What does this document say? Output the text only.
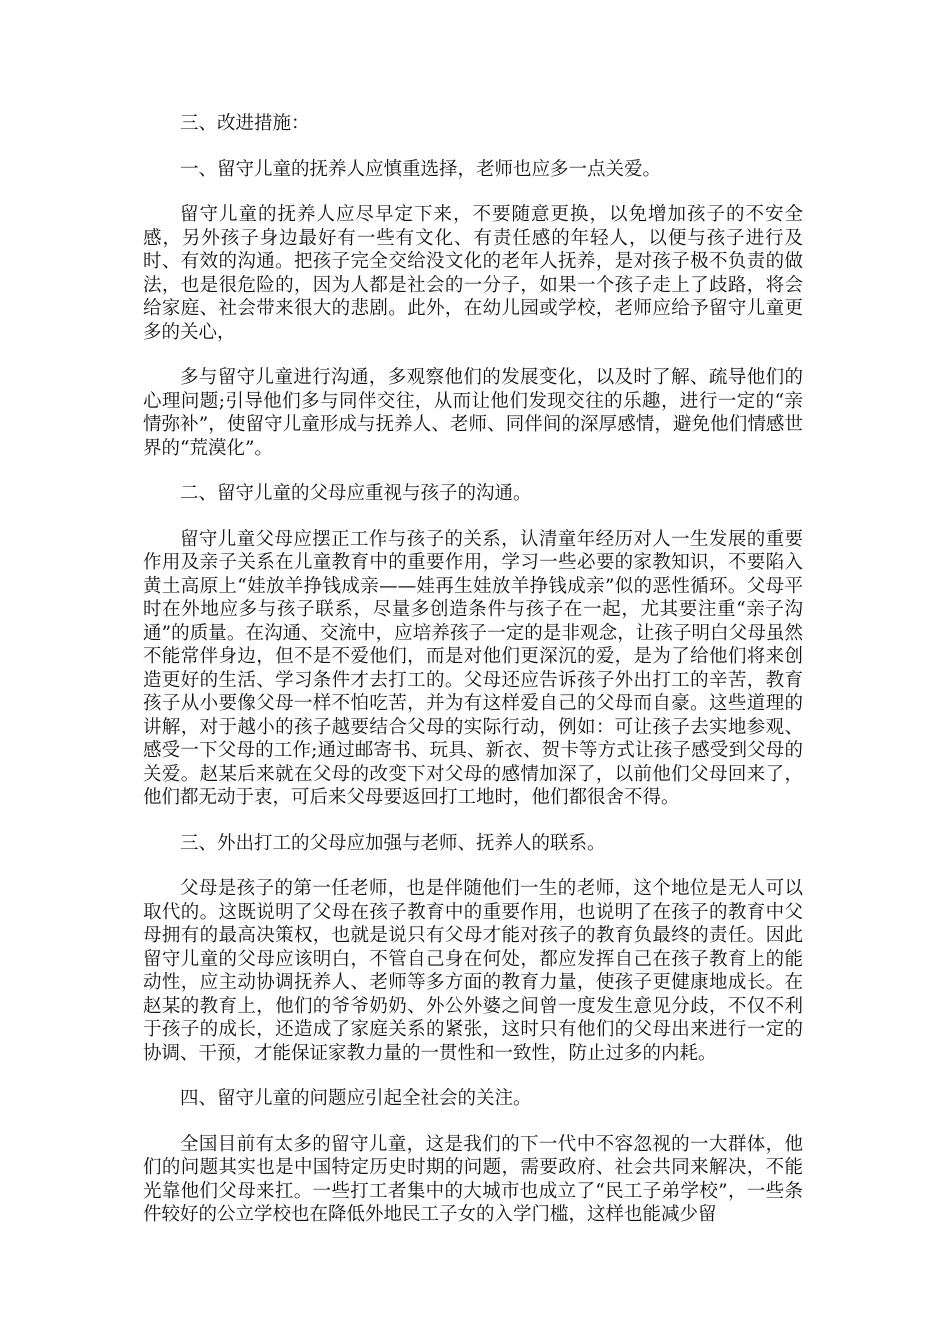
三、改进措施：

一、留守儿童的抚养人应慎重选择，老师也应多一点关爱。

留守儿童的抚养人应尽早定下来，不要随意更换，以免增加孩子的不安全感，另外孩子身边最好有一些有文化、有责任感的年轻人，以便与孩子进行及时、有效的沟通。把孩子完全交给没文化的老年人抚养，是对孩子极不负责的做法，也是很危险的，因为人都是社会的一分子，如果一个孩子走上了歧路，将会给家庭、社会带来很大的悲剧。此外，在幼儿园或学校，老师应给予留守儿童更多的关心，

多与留守儿童进行沟通，多观察他们的发展变化，以及时了解、疏导他们的心理问题;引导他们多与同伴交往，从而让他们发现交往的乐趣，进行一定的“亲情弥补”，使留守儿童形成与抚养人、老师、同伴间的深厚感情，避免他们情感世界的“荒漠化”。

二、留守儿童的父母应重视与孩子的沟通。

留守儿童父母应摆正工作与孩子的关系，认清童年经历对人一生发展的重要作用及亲子关系在儿童教育中的重要作用，学习一些必要的家教知识，不要陷入黄土高原上“娃放羊挣钱成亲——娃再生娃放羊挣钱成亲”似的恶性循环。父母平时在外地应多与孩子联系，尽量多创造条件与孩子在一起，尤其要注重“亲子沟通”的质量。在沟通、交流中，应培养孩子一定的是非观念，让孩子明白父母虽然不能常伴身边，但不是不爱他们，而是对他们更深沉的爱，是为了给他们将来创造更好的生活、学习条件才去打工的。父母还应告诉孩子外出打工的辛苦，教育孩子从小要像父母一样不怕吃苦，并为有这样爱自己的父母而自豪。这些道理的讲解，对于越小的孩子越要结合父母的实际行动，例如：可让孩子去实地参观、感受一下父母的工作;通过邮寄书、玩具、新衣、贺卡等方式让孩子感受到父母的关爱。赵某后来就在父母的改变下对父母的感情加深了，以前他们父母回来了，他们都无动于衷，可后来父母要返回打工地时，他们都很舍不得。

三、外出打工的父母应加强与老师、抚养人的联系。

父母是孩子的第一任老师，也是伴随他们一生的老师，这个地位是无人可以取代的。这既说明了父母在孩子教育中的重要作用，也说明了在孩子的教育中父母拥有的最高决策权，也就是说只有父母才能对孩子的教育负最终的责任。因此留守儿童的父母应该明白，不管自己身在何处，都应发挥自己在孩子教育上的能动性，应主动协调抚养人、老师等多方面的教育力量，使孩子更健康地成长。在赵某的教育上，他们的爷爷奶奶、外公外婆之间曾一度发生意见分歧，不仅不利于孩子的成长，还造成了家庭关系的紧张，这时只有他们的父母出来进行一定的协调、干预，才能保证家教力量的一贯性和一致性，防止过多的内耗。

四、留守儿童的问题应引起全社会的关注。

全国目前有太多的留守儿童，这是我们的下一代中不容忽视的一大群体，他们的问题其实也是中国特定历史时期的问题，需要政府、社会共同来解决，不能光靠他们父母来扛。一些打工者集中的大城市也成立了“民工子弟学校”，一些条件较好的公立学校也在降低外地民工子女的入学门槛，这样也能减少留
